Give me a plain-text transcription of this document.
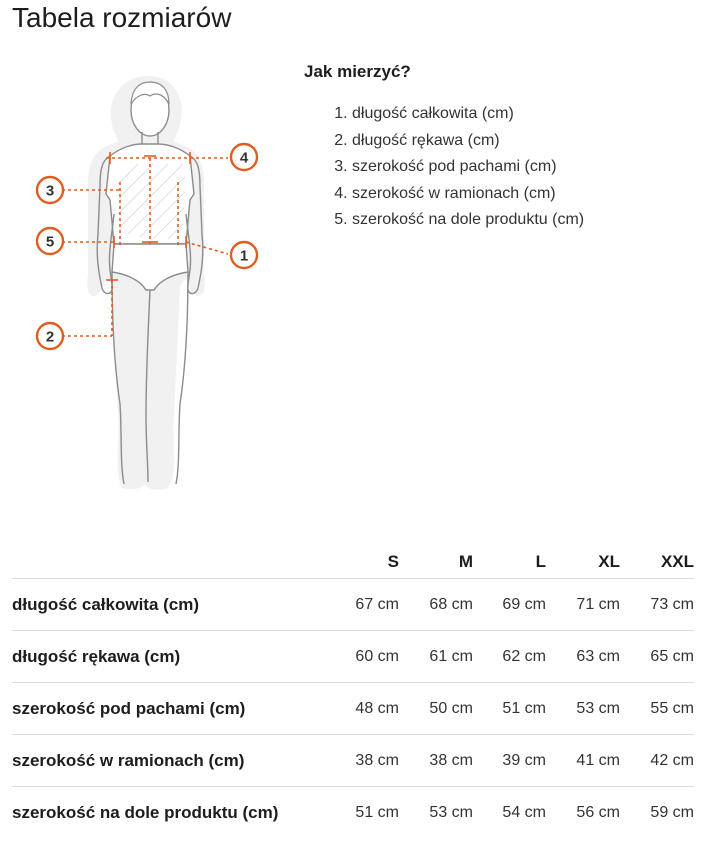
Tabela rozmiarów
4
3
5
1
2
Jak mierzyć?
1. długość całkowita (cm)
2. długość rękawa (cm)
3. szerokość pod pachami (cm)
4. szerokość w ramionach (cm)
5. szerokość na dole produktu (cm)
	S	M	L	XL	XXL
długość całkowita (cm)	67 cm	68 cm	69 cm	71 cm	73 cm
długość rękawa (cm)	60 cm	61 cm	62 cm	63 cm	65 cm
szerokość pod pachami (cm)	48 cm	50 cm	51 cm	53 cm	55 cm
szerokość w ramionach (cm)	38 cm	38 cm	39 cm	41 cm	42 cm
szerokość na dole produktu (cm)	51 cm	53 cm	54 cm	56 cm	59 cm
